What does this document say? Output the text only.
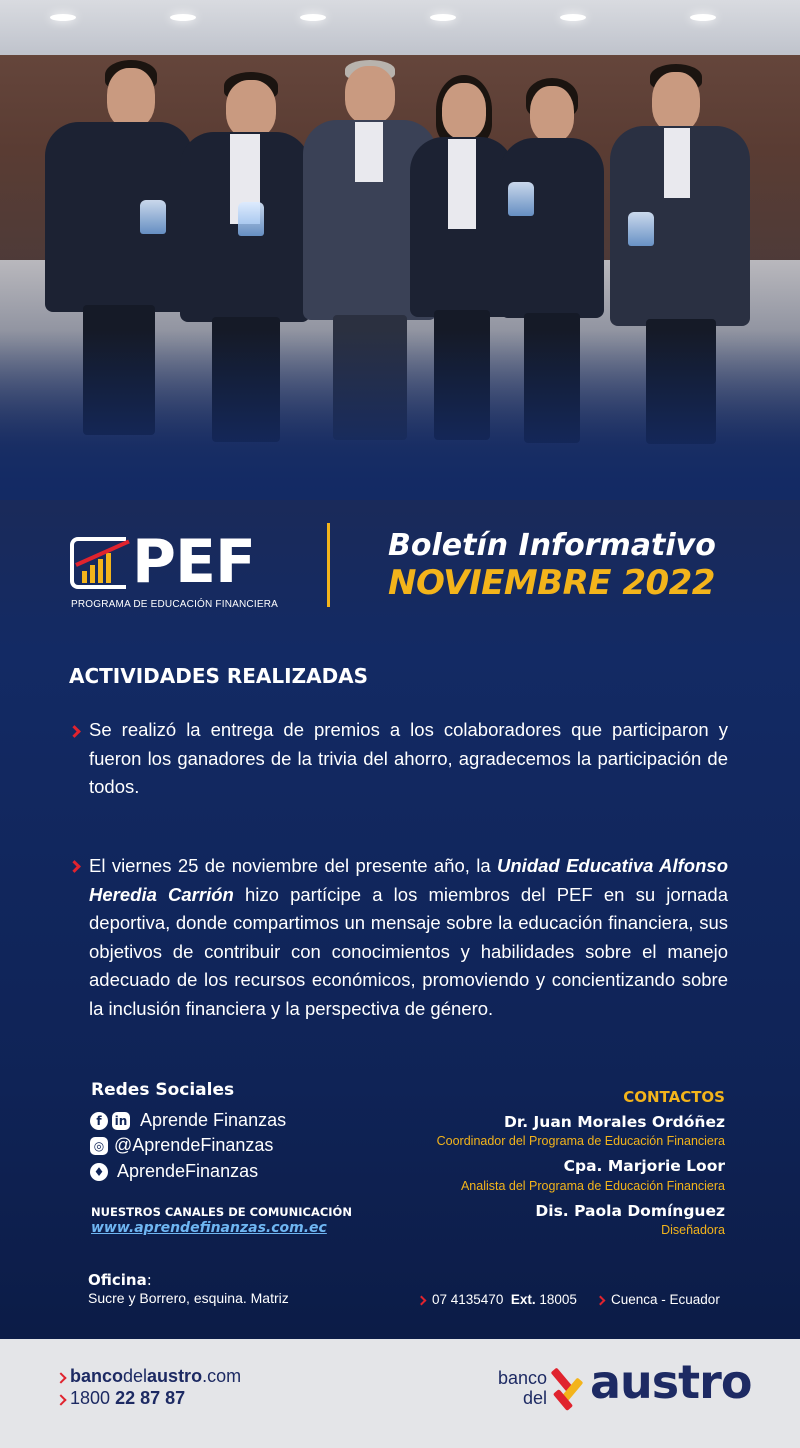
PEF
PROGRAMA DE EDUCACIÓN FINANCIERA
Boletín Informativo
NOVIEMBRE 2022
ACTIVIDADES REALIZADAS
Se realizó la entrega de premios a los colaboradores que participaron y fueron los ganadores de la trivia del ahorro, agradecemos la participación de todos.
El viernes 25 de noviembre del presente año, la Unidad Educativa Alfonso Heredia Carrión hizo partícipe a los miembros del PEF en su jornada deportiva, donde compartimos un mensaje sobre la educación financiera, sus objetivos de contribuir con conocimientos y habilidades sobre el manejo adecuado de los recursos económicos, promoviendo y concientizando sobre la inclusión financiera y la perspectiva de género.
Redes Sociales
f	in Aprende Finanzas
◎ @AprendeFinanzas
♦ AprendeFinanzas
NUESTROS CANALES DE COMUNICACIÓN
www.aprendefinanzas.com.ec
CONTACTOS
Dr. Juan Morales Ordóñez
Coordinador del Programa de Educación Financiera
Cpa. Marjorie Loor
Analista del Programa de Educación Financiera
Dis. Paola Domínguez
Diseñadora
Oficina:
Sucre y Borrero, esquina. Matriz	07 4135470 Ext. 18005	Cuenca - Ecuador
bancodelaustro.com
1800 22 87 87
banco
del austro
